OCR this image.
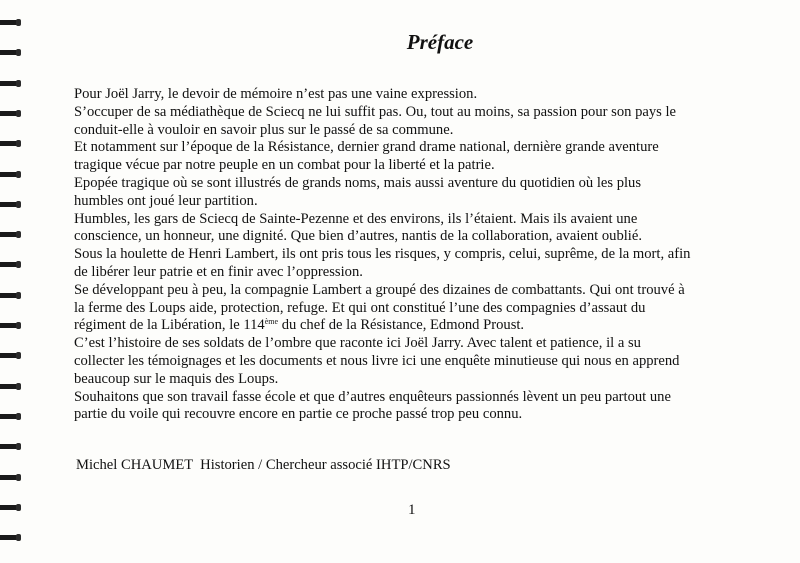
Préface

Pour Joël Jarry, le devoir de mémoire n’est pas une vaine expression.

S’occuper de sa médiathèque de Sciecq ne lui suffit pas. Ou, tout au moins, sa passion pour son pays le
conduit-elle à vouloir en savoir plus sur le passé de sa commune.

Et notamment sur l’époque de la Résistance, dernier grand drame national, dernière grande aventure
tragique vécue par notre peuple en un combat pour la liberté et la patrie.

Epopée tragique où se sont illustrés de grands noms, mais aussi aventure du quotidien où les plus
humbles ont joué leur partition.

Humbles, les gars de Sciecq de Sainte-Pezenne et des environs, ils l’étaient. Mais ils avaient une
conscience, un honneur, une dignité. Que bien d’autres, nantis de la collaboration, avaient oublié.

Sous la houlette de Henri Lambert, ils ont pris tous les risques, y compris, celui, suprême, de la mort, afin
de libérer leur patrie et en finir avec l’oppression.

Se développant peu à peu, la compagnie Lambert a groupé des dizaines de combattants. Qui ont trouvé à
la ferme des Loups aide, protection, refuge. Et qui ont constitué l’une des compagnies d’assaut du
régiment de la Libération, le 114ème du chef de la Résistance, Edmond Proust.

C’est l’histoire de ses soldats de l’ombre que raconte ici Joël Jarry. Avec talent et patience, il a su
collecter les témoignages et les documents et nous livre ici une enquête minutieuse qui nous en apprend
beaucoup sur le maquis des Loups.

Souhaitons que son travail fasse école et que d’autres enquêteurs passionnés lèvent un peu partout une
partie du voile qui recouvre encore en partie ce proche passé trop peu connu.

Michel CHAUMET  Historien / Chercheur associé IHTP/CNRS
1
